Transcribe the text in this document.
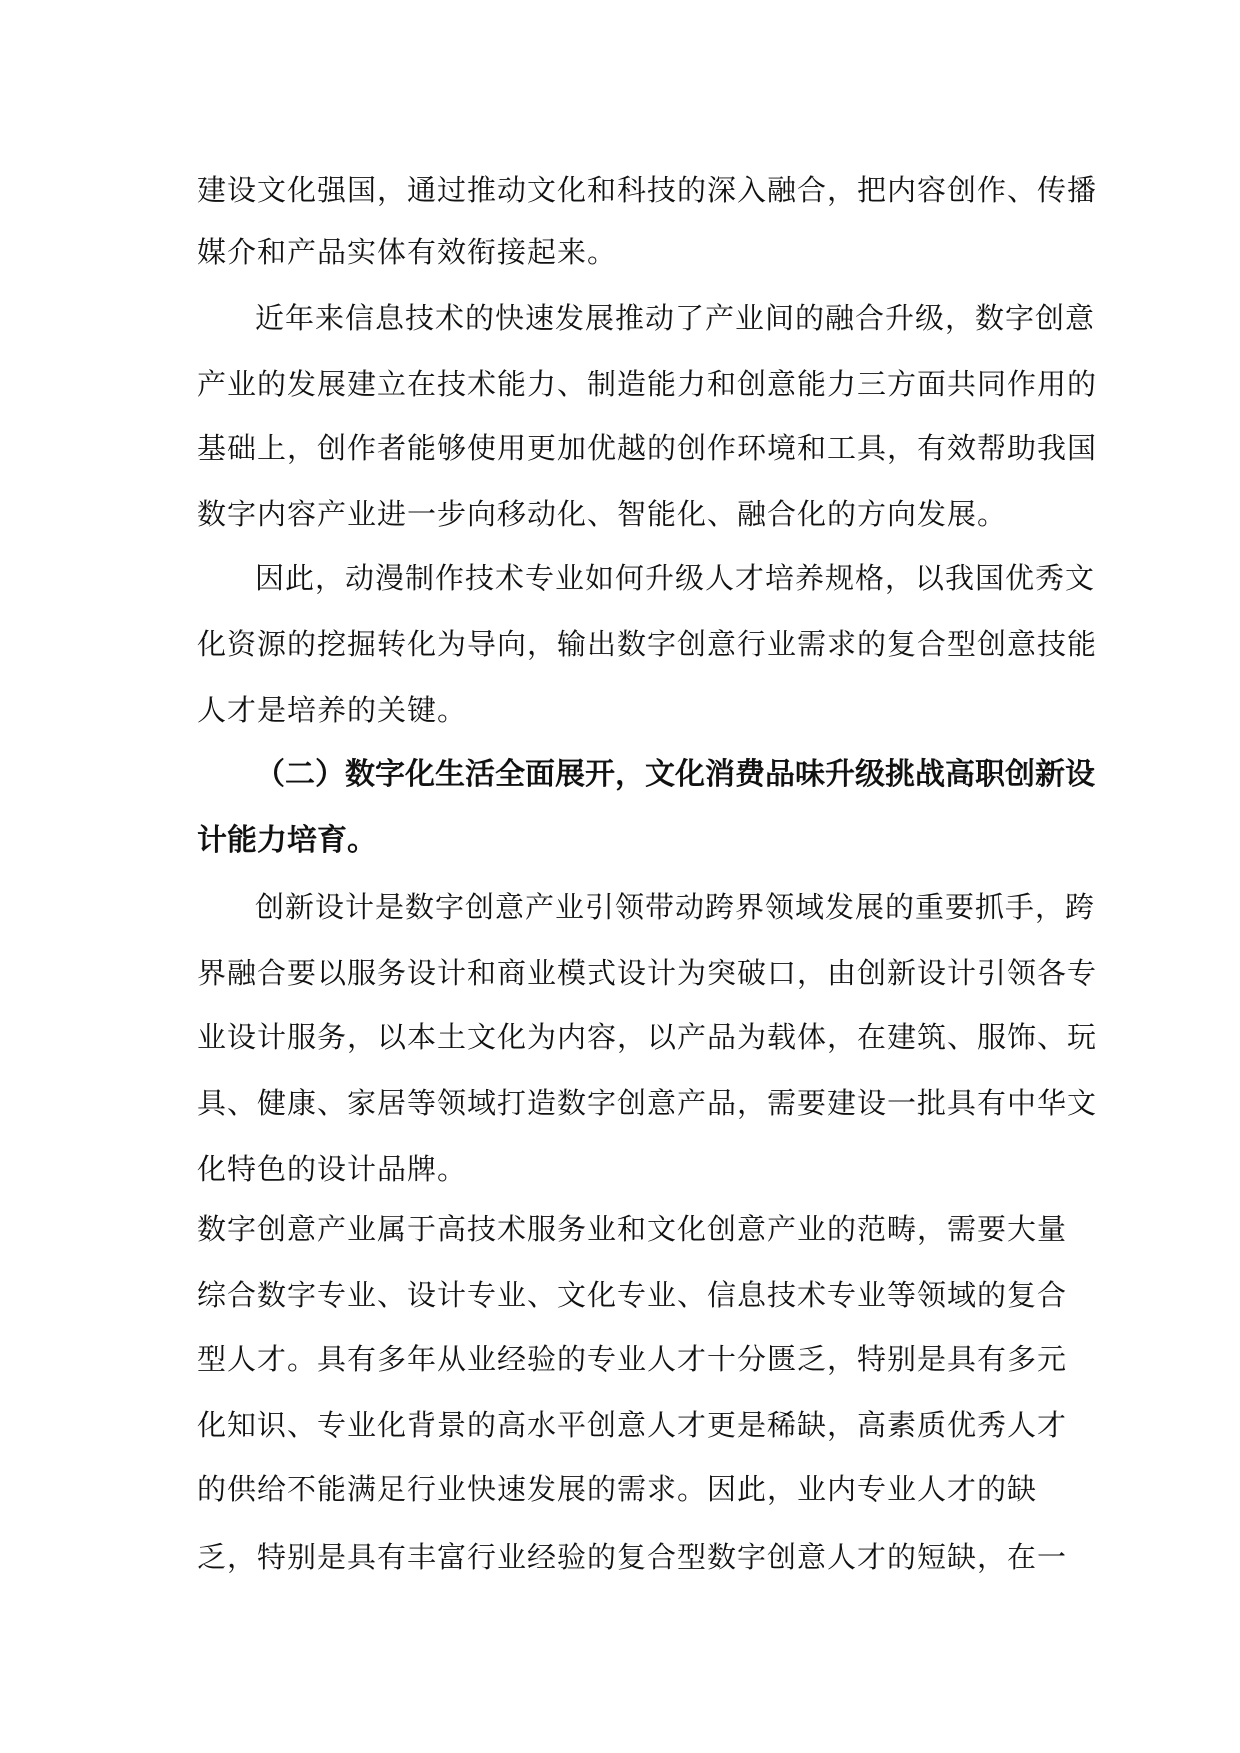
建设文化强国，通过推动文化和科技的深入融合，把内容创作、传播
媒介和产品实体有效衔接起来。
近年来信息技术的快速发展推动了产业间的融合升级，数字创意
产业的发展建立在技术能力、制造能力和创意能力三方面共同作用的
基础上，创作者能够使用更加优越的创作环境和工具，有效帮助我国
数字内容产业进一步向移动化、智能化、融合化的方向发展。
因此，动漫制作技术专业如何升级人才培养规格，以我国优秀文
化资源的挖掘转化为导向，输出数字创意行业需求的复合型创意技能
人才是培养的关键。
（二）数字化生活全面展开，文化消费品味升级挑战高职创新设
计能力培育。
创新设计是数字创意产业引领带动跨界领域发展的重要抓手，跨
界融合要以服务设计和商业模式设计为突破口，由创新设计引领各专
业设计服务，以本土文化为内容，以产品为载体，在建筑、服饰、玩
具、健康、家居等领域打造数字创意产品，需要建设一批具有中华文
化特色的设计品牌。
数字创意产业属于高技术服务业和文化创意产业的范畴，需要大量
综合数字专业、设计专业、文化专业、信息技术专业等领域的复合
型人才。具有多年从业经验的专业人才十分匮乏，特别是具有多元
化知识、专业化背景的高水平创意人才更是稀缺，高素质优秀人才
的供给不能满足行业快速发展的需求。因此，业内专业人才的缺
乏，特别是具有丰富行业经验的复合型数字创意人才的短缺，在一
